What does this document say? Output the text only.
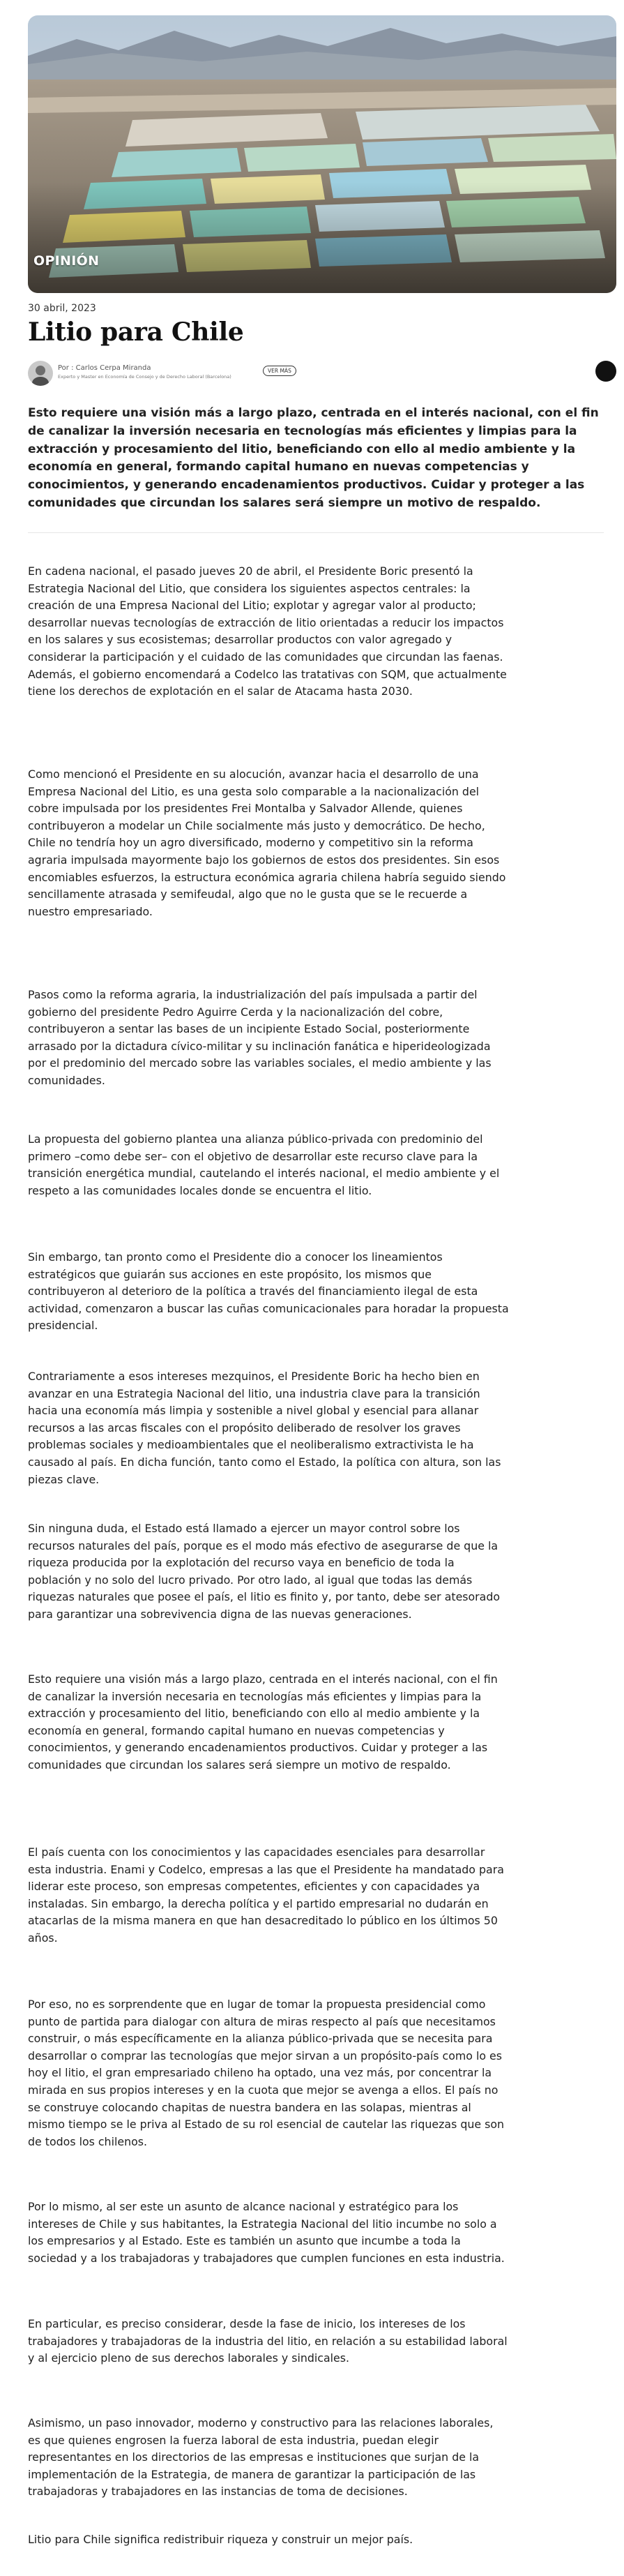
OPINIÓN
30 abril, 2023
Litio para Chile
Por : Carlos Cerpa Miranda
Experto y Master en Economía de Consejo y de Derecho Laboral (Barcelona)
VER MÁS

Esto requiere una visión más a largo plazo, centrada en el interés nacional, con el fin de canalizar la inversión necesaria en tecnologías más eficientes y limpias para la extracción y procesamiento del litio, beneficiando con ello al medio ambiente y la economía en general, formando capital humano en nuevas competencias y conocimientos, y generando encadenamientos productivos. Cuidar y proteger a las comunidades que circundan los salares será siempre un motivo de respaldo.

En cadena nacional, el pasado jueves 20 de abril, el Presidente Boric presentó la Estrategia Nacional del Litio, que considera los siguientes aspectos centrales: la creación de una Empresa Nacional del Litio; explotar y agregar valor al producto; desarrollar nuevas tecnologías de extracción de litio orientadas a reducir los impactos en los salares y sus ecosistemas; desarrollar productos con valor agregado y considerar la participación y el cuidado de las comunidades que circundan las faenas. Además, el gobierno encomendará a Codelco las tratativas con SQM, que actualmente tiene los derechos de explotación en el salar de Atacama hasta 2030.

Como mencionó el Presidente en su alocución, avanzar hacia el desarrollo de una Empresa Nacional del Litio, es una gesta solo comparable a la nacionalización del cobre impulsada por los presidentes Frei Montalba y Salvador Allende, quienes contribuyeron a modelar un Chile socialmente más justo y democrático. De hecho, Chile no tendría hoy un agro diversificado, moderno y competitivo sin la reforma agraria impulsada mayormente bajo los gobiernos de estos dos presidentes. Sin esos encomiables esfuerzos, la estructura económica agraria chilena habría seguido siendo sencillamente atrasada y semifeudal, algo que no le gusta que se le recuerde a nuestro empresariado.

Pasos como la reforma agraria, la industrialización del país impulsada a partir del gobierno del presidente Pedro Aguirre Cerda y la nacionalización del cobre, contribuyeron a sentar las bases de un incipiente Estado Social, posteriormente arrasado por la dictadura cívico-militar y su inclinación fanática e hiperideologizada por el predominio del mercado sobre las variables sociales, el medio ambiente y las comunidades.

La propuesta del gobierno plantea una alianza público-privada con predominio del primero –como debe ser– con el objetivo de desarrollar este recurso clave para la transición energética mundial, cautelando el interés nacional, el medio ambiente y el respeto a las comunidades locales donde se encuentra el litio.

Sin embargo, tan pronto como el Presidente dio a conocer los lineamientos estratégicos que guiarán sus acciones en este propósito, los mismos que contribuyeron al deterioro de la política a través del financiamiento ilegal de esta actividad, comenzaron a buscar las cuñas comunicacionales para horadar la propuesta presidencial.

Contrariamente a esos intereses mezquinos, el Presidente Boric ha hecho bien en avanzar en una Estrategia Nacional del litio, una industria clave para la transición hacia una economía más limpia y sostenible a nivel global y esencial para allanar recursos a las arcas fiscales con el propósito deliberado de resolver los graves problemas sociales y medioambientales que el neoliberalismo extractivista le ha causado al país. En dicha función, tanto como el Estado, la política con altura, son las piezas clave.

Sin ninguna duda, el Estado está llamado a ejercer un mayor control sobre los recursos naturales del país, porque es el modo más efectivo de asegurarse de que la riqueza producida por la explotación del recurso vaya en beneficio de toda la población y no solo del lucro privado. Por otro lado, al igual que todas las demás riquezas naturales que posee el país, el litio es finito y, por tanto, debe ser atesorado para garantizar una sobrevivencia digna de las nuevas generaciones.

Esto requiere una visión más a largo plazo, centrada en el interés nacional, con el fin de canalizar la inversión necesaria en tecnologías más eficientes y limpias para la extracción y procesamiento del litio, beneficiando con ello al medio ambiente y la economía en general, formando capital humano en nuevas competencias y conocimientos, y generando encadenamientos productivos. Cuidar y proteger a las comunidades que circundan los salares será siempre un motivo de respaldo.

El país cuenta con los conocimientos y las capacidades esenciales para desarrollar esta industria. Enami y Codelco, empresas a las que el Presidente ha mandatado para liderar este proceso, son empresas competentes, eficientes y con capacidades ya instaladas. Sin embargo, la derecha política y el partido empresarial no dudarán en atacarlas de la misma manera en que han desacreditado lo público en los últimos 50 años.

Por eso, no es sorprendente que en lugar de tomar la propuesta presidencial como punto de partida para dialogar con altura de miras respecto al país que necesitamos construir, o más específicamente en la alianza público-privada que se necesita para desarrollar o comprar las tecnologías que mejor sirvan a un propósito-país como lo es hoy el litio, el gran empresariado chileno ha optado, una vez más, por concentrar la mirada en sus propios intereses y en la cuota que mejor se avenga a ellos. El país no se construye colocando chapitas de nuestra bandera en las solapas, mientras al mismo tiempo se le priva al Estado de su rol esencial de cautelar las riquezas que son de todos los chilenos.

Por lo mismo, al ser este un asunto de alcance nacional y estratégico para los intereses de Chile y sus habitantes, la Estrategia Nacional del litio incumbe no solo a los empresarios y al Estado. Este es también un asunto que incumbe a toda la sociedad y a los trabajadoras y trabajadores que cumplen funciones en esta industria.

En particular, es preciso considerar, desde la fase de inicio, los intereses de los trabajadores y trabajadoras de la industria del litio, en relación a su estabilidad laboral y al ejercicio pleno de sus derechos laborales y sindicales.

Asimismo, un paso innovador, moderno y constructivo para las relaciones laborales, es que quienes engrosen la fuerza laboral de esta industria, puedan elegir representantes en los directorios de las empresas e instituciones que surjan de la implementación de la Estrategia, de manera de garantizar la participación de las trabajadoras y trabajadores en las instancias de toma de decisiones.

Litio para Chile significa redistribuir riqueza y construir un mejor país.
